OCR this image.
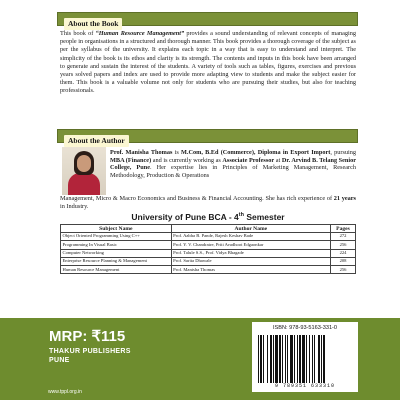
About the Book

This book of “Human Resource Management” provides a sound understanding of relevant concepts of managing people in organisations in a structured and thorough manner. This book provides a thorough coverage of the subject as per the syllabus of the university. It explains each topic in a way that is easy to understand and interpret. The simplicity of the book is its ethos and clarity is its strength. The contents and inputs in this book have been arranged to generate and sustain the interest of the students. A variety of tools such as tables, figures, exercises and previous years solved papers and index are used to provide more adapting view to students and make the subject easier for them. This book is a valuable volume not only for students who are pursuing their studies, but also for teaching professionals.

About the Author

Prof. Manisha Thomas is M.Com, B.Ed (Commerce), Diploma in Export Import, pursuing MBA (Finance) and is currently working as Associate Professor at Dr. Arvind B. Telang Senior College, Pune. Her expertise lies in Principles of Marketing Management, Research Methodology, Production & Operations

Management, Micro & Macro Economics and Business & Financial Accounting. She has rich experience of 21 years in Industry.

University of Pune BCA - 4th Semester
Subject Name	Author Name	Pages
Object Oriented Programming Using C++	Prof. Aabha B. Pande, Rajesh Keshav Bade	272
Programming In Visual Basic	Prof. Y. V. Chandratre, Priti Avadhoot Edgaonkar	256
Computer Networking	Prof. Talule S.S., Prof. Vidya Bhagade	224
Enterprise Resource Planning & Management	Prof. Sarita Dhawale	208
Human Resource Management	Prof. Manisha Thomas	256
MRP: ₹115
THAKUR PUBLISHERS
PUNE
www.tppl.org.in
ISBN: 978-93-5163-331-0
9 789351 633310
